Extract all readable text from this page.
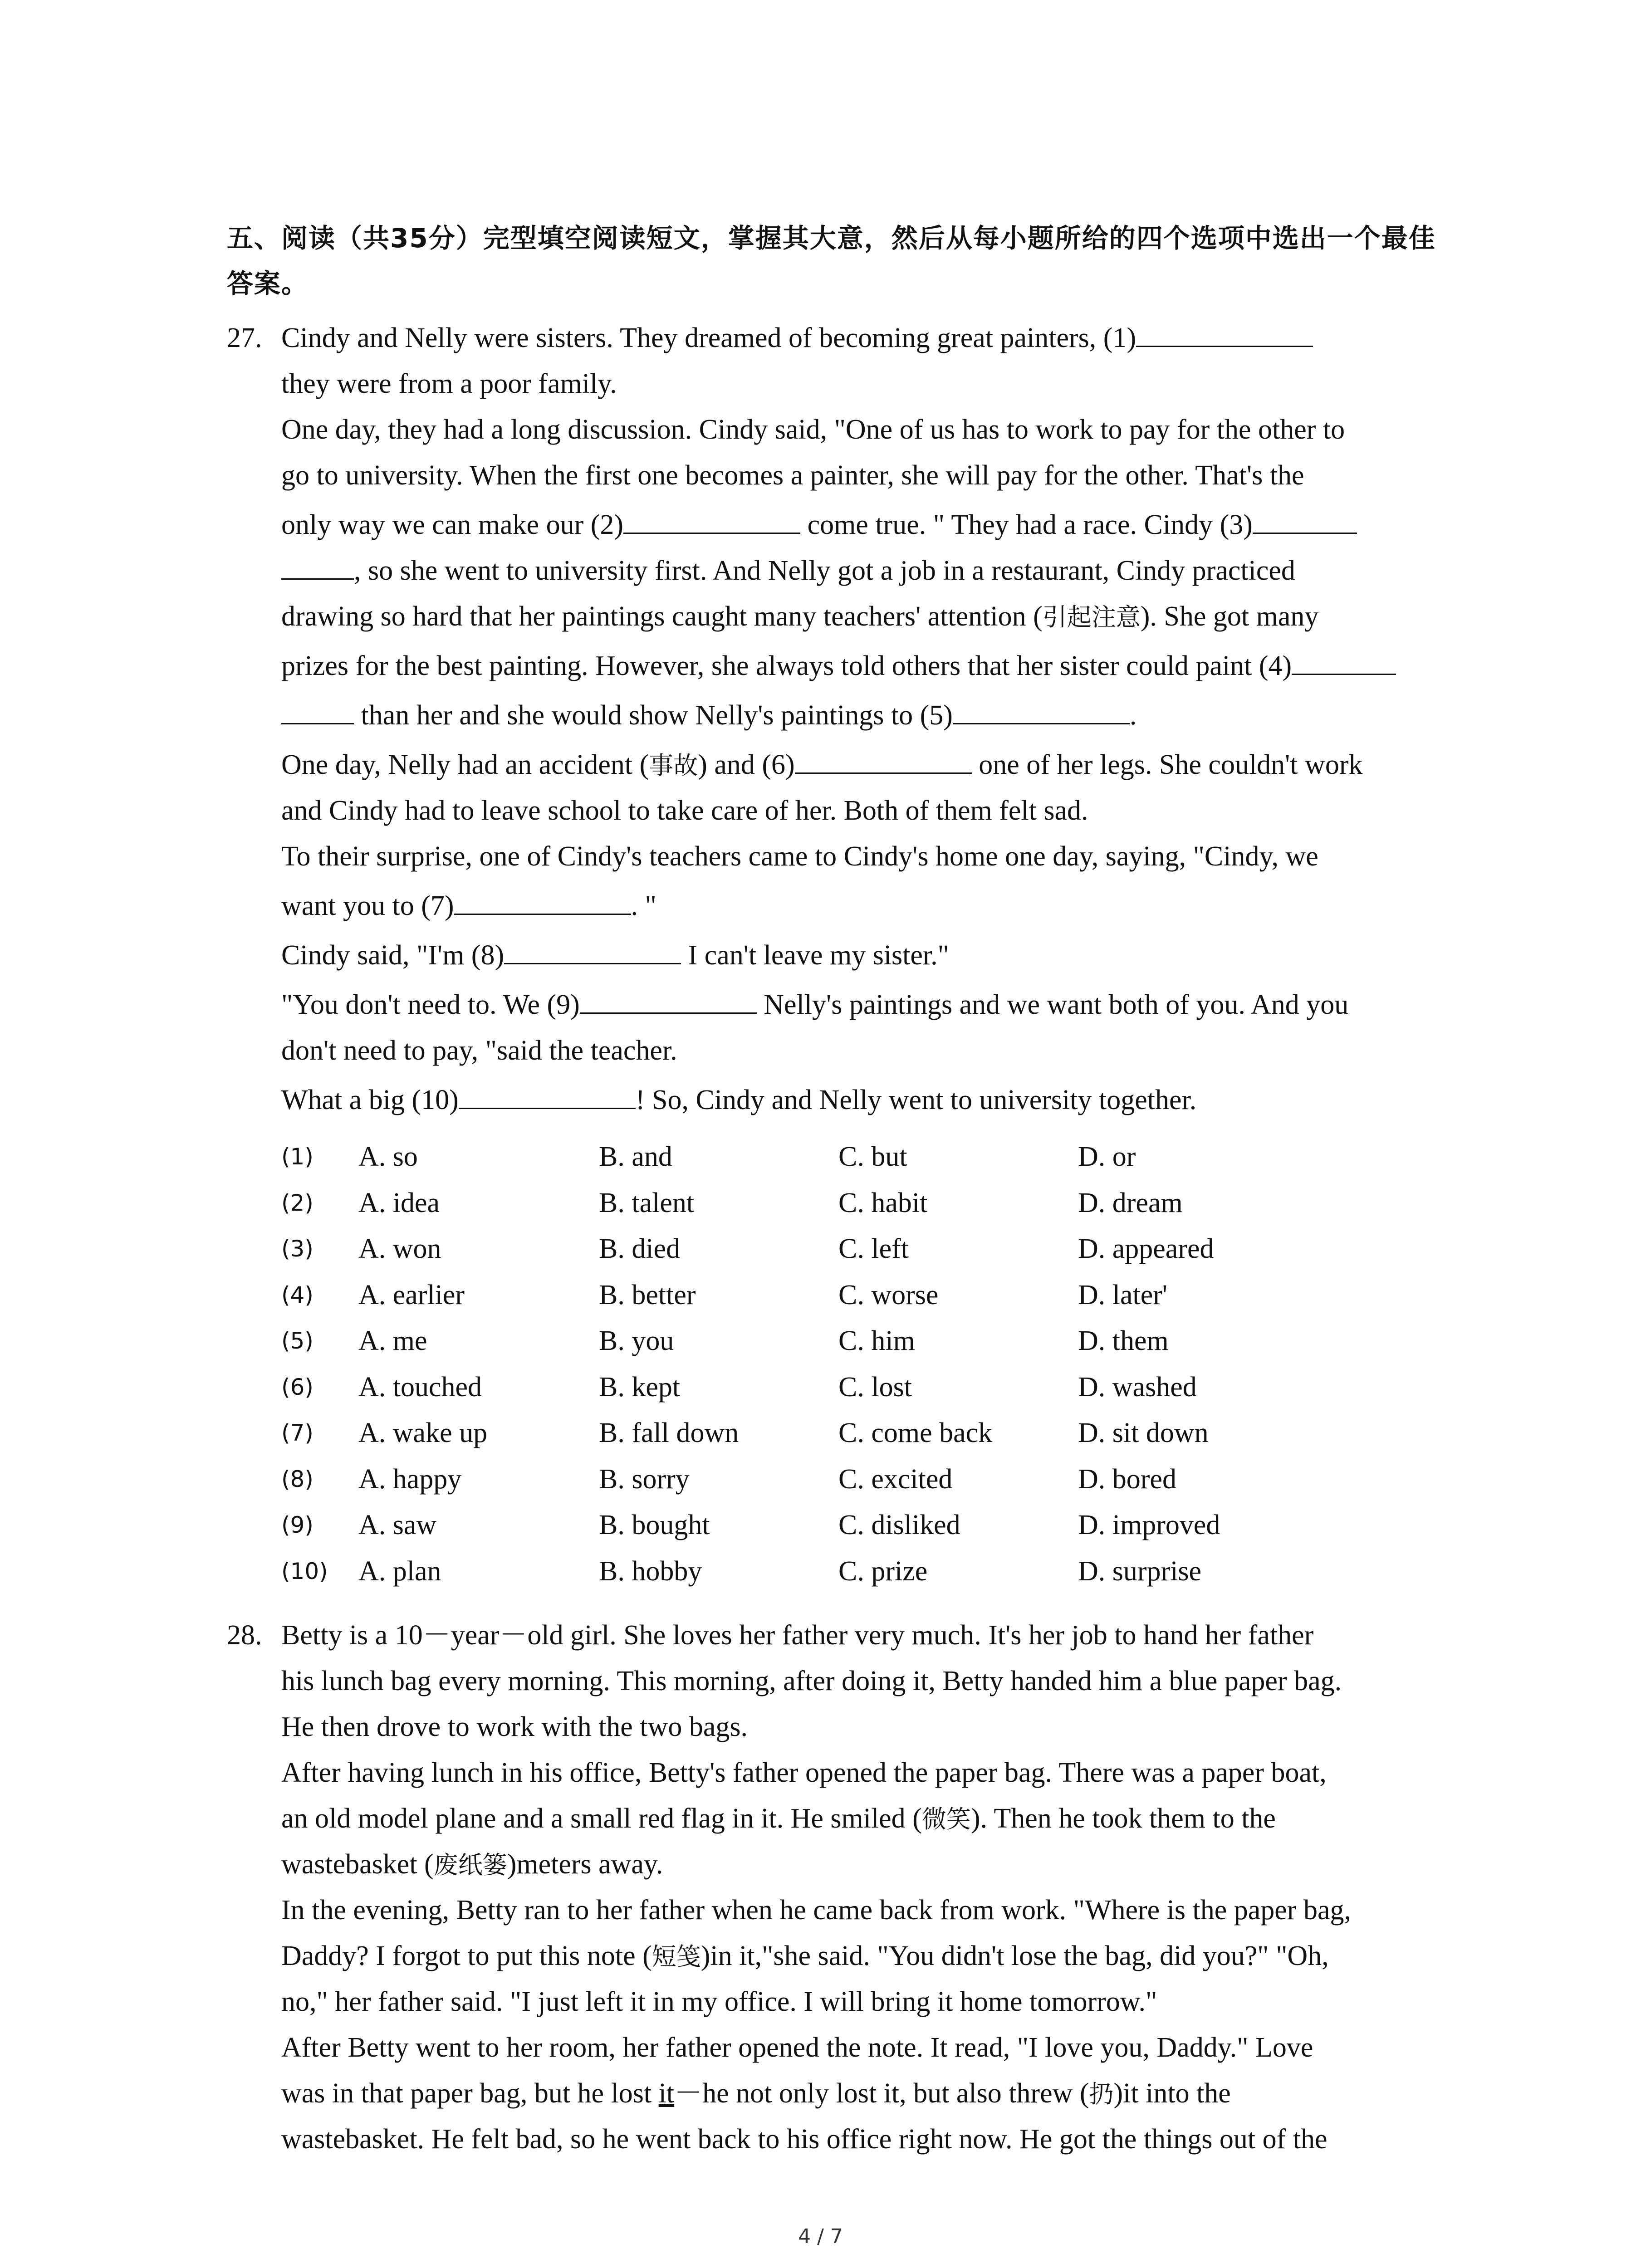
五、阅读（共35分）完型填空阅读短文，掌握其大意，然后从每小题所给的四个选项中选出一个最佳答案。
27. Cindy and Nelly were sisters. They dreamed of becoming great painters, (1)
they were from a poor family.
One day, they had a long discussion. Cindy said, "One of us has to work to pay for the other to
go to university. When the first one becomes a painter, she will pay for the other. That's the
only way we can make our (2)	come true. " They had a race. Cindy (3)
, so she went to university first. And Nelly got a job in a restaurant, Cindy practiced
drawing so hard that her paintings caught many teachers' attention (引起注意). She got many
prizes for the best painting. However, she always told others that her sister could paint (4)
than her and she would show Nelly's paintings to (5)	.
One day, Nelly had an accident (事故) and (6)	one of her legs. She couldn't work
and Cindy had to leave school to take care of her. Both of them felt sad.
To their surprise, one of Cindy's teachers came to Cindy's home one day, saying, "Cindy, we
want you to (7)	. "
Cindy said, "I'm (8)	I can't leave my sister."
"You don't need to. We (9)	Nelly's paintings and we want both of you. And you
don't need to pay, "said the teacher.
What a big (10)	! So, Cindy and Nelly went to university together.
(1) A. so	B. and	C. but	D. or
(2) A. idea	B. talent	C. habit	D. dream
(3) A. won	B. died	C. left	D. appeared
(4) A. earlier	B. better	C. worse	D. later'
(5) A. me	B. you	C. him	D. them
(6) A. touched	B. kept	C. lost	D. washed
(7) A. wake up	B. fall down	C. come back	D. sit down
(8) A. happy	B. sorry	C. excited	D. bored
(9) A. saw	B. bought	C. disliked	D. improved
(10) A. plan	B. hobby	C. prize	D. surprise
28. Betty is a 10－year－old girl. She loves her father very much. It's her job to hand her father
his lunch bag every morning. This morning, after doing it, Betty handed him a blue paper bag.
He then drove to work with the two bags.
After having lunch in his office, Betty's father opened the paper bag. There was a paper boat,
an old model plane and a small red flag in it. He smiled (微笑). Then he took them to the
wastebasket (废纸篓)meters away.
In the evening, Betty ran to her father when he came back from work. "Where is the paper bag,
Daddy? I forgot to put this note (短笺)in it,"she said. "You didn't lose the bag, did you?" "Oh,
no," her father said. "I just left it in my office. I will bring it home tomorrow."
After Betty went to her room, her father opened the note. It read, "I love you, Daddy." Love
was in that paper bag, but he lost it－he not only lost it, but also threw (扔)it into the
wastebasket. He felt bad, so he went back to his office right now. He got the things out of the
4 / 7
